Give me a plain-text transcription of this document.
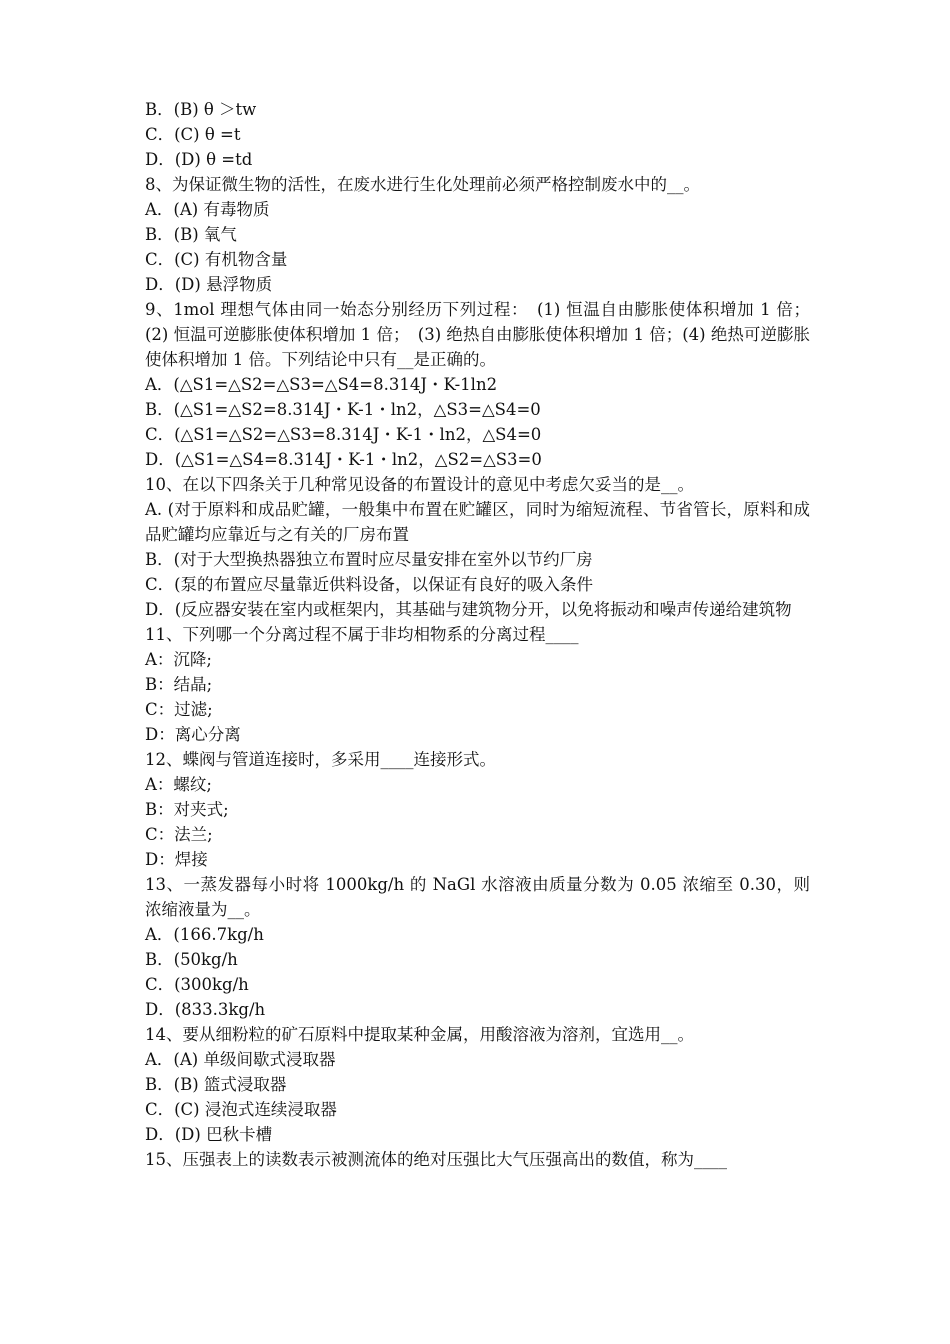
B．(B) θ ＞tw
C．(C) θ =t
D．(D) θ =td
8、为保证微生物的活性，在废水进行生化处理前必须严格控制废水中的__。
A．(A) 有毒物质
B．(B) 氧气
C．(C) 有机物含量
D．(D) 悬浮物质
9、1mol 理想气体由同一始态分别经历下列过程：　(1) 恒温自由膨胀使体积增加 1 倍；(2) 恒温可逆膨胀使体积增加 1 倍；　(3) 绝热自由膨胀使体积增加 1 倍；(4) 绝热可逆膨胀使体积增加 1 倍。下列结论中只有__是正确的。
A．(△S1=△S2=△S3=△S4=8.314J・K-1ln2
B．(△S1=△S2=8.314J・K-1・ln2，△S3=△S4=0
C．(△S1=△S2=△S3=8.314J・K-1・ln2，△S4=0
D．(△S1=△S4=8.314J・K-1・ln2，△S2=△S3=0
10、在以下四条关于几种常见设备的布置设计的意见中考虑欠妥当的是__。
A. (对于原料和成品贮罐，一般集中布置在贮罐区，同时为缩短流程、节省管长，原料和成品贮罐均应靠近与之有关的厂房布置
B．(对于大型换热器独立布置时应尽量安排在室外以节约厂房
C．(泵的布置应尽量靠近供料设备，以保证有良好的吸入条件
D．(反应器安装在室内或框架内，其基础与建筑物分开，以免将振动和噪声传递给建筑物
11、下列哪一个分离过程不属于非均相物系的分离过程____
A：沉降;
B：结晶;
C：过滤;
D：离心分离
12、蝶阀与管道连接时，多采用____连接形式。
A：螺纹;
B：对夹式;
C：法兰;
D：焊接
13、一蒸发器每小时将 1000kg/h 的 NaGl 水溶液由质量分数为 0.05 浓缩至 0.30，则浓缩液量为__。
A．(166.7kg/h
B．(50kg/h
C．(300kg/h
D．(833.3kg/h
14、要从细粉粒的矿石原料中提取某种金属，用酸溶液为溶剂，宜选用__。
A．(A) 单级间歇式浸取器
B．(B) 篮式浸取器
C．(C) 浸泡式连续浸取器
D．(D) 巴秋卡槽
15、压强表上的读数表示被测流体的绝对压强比大气压强高出的数值，称为____
